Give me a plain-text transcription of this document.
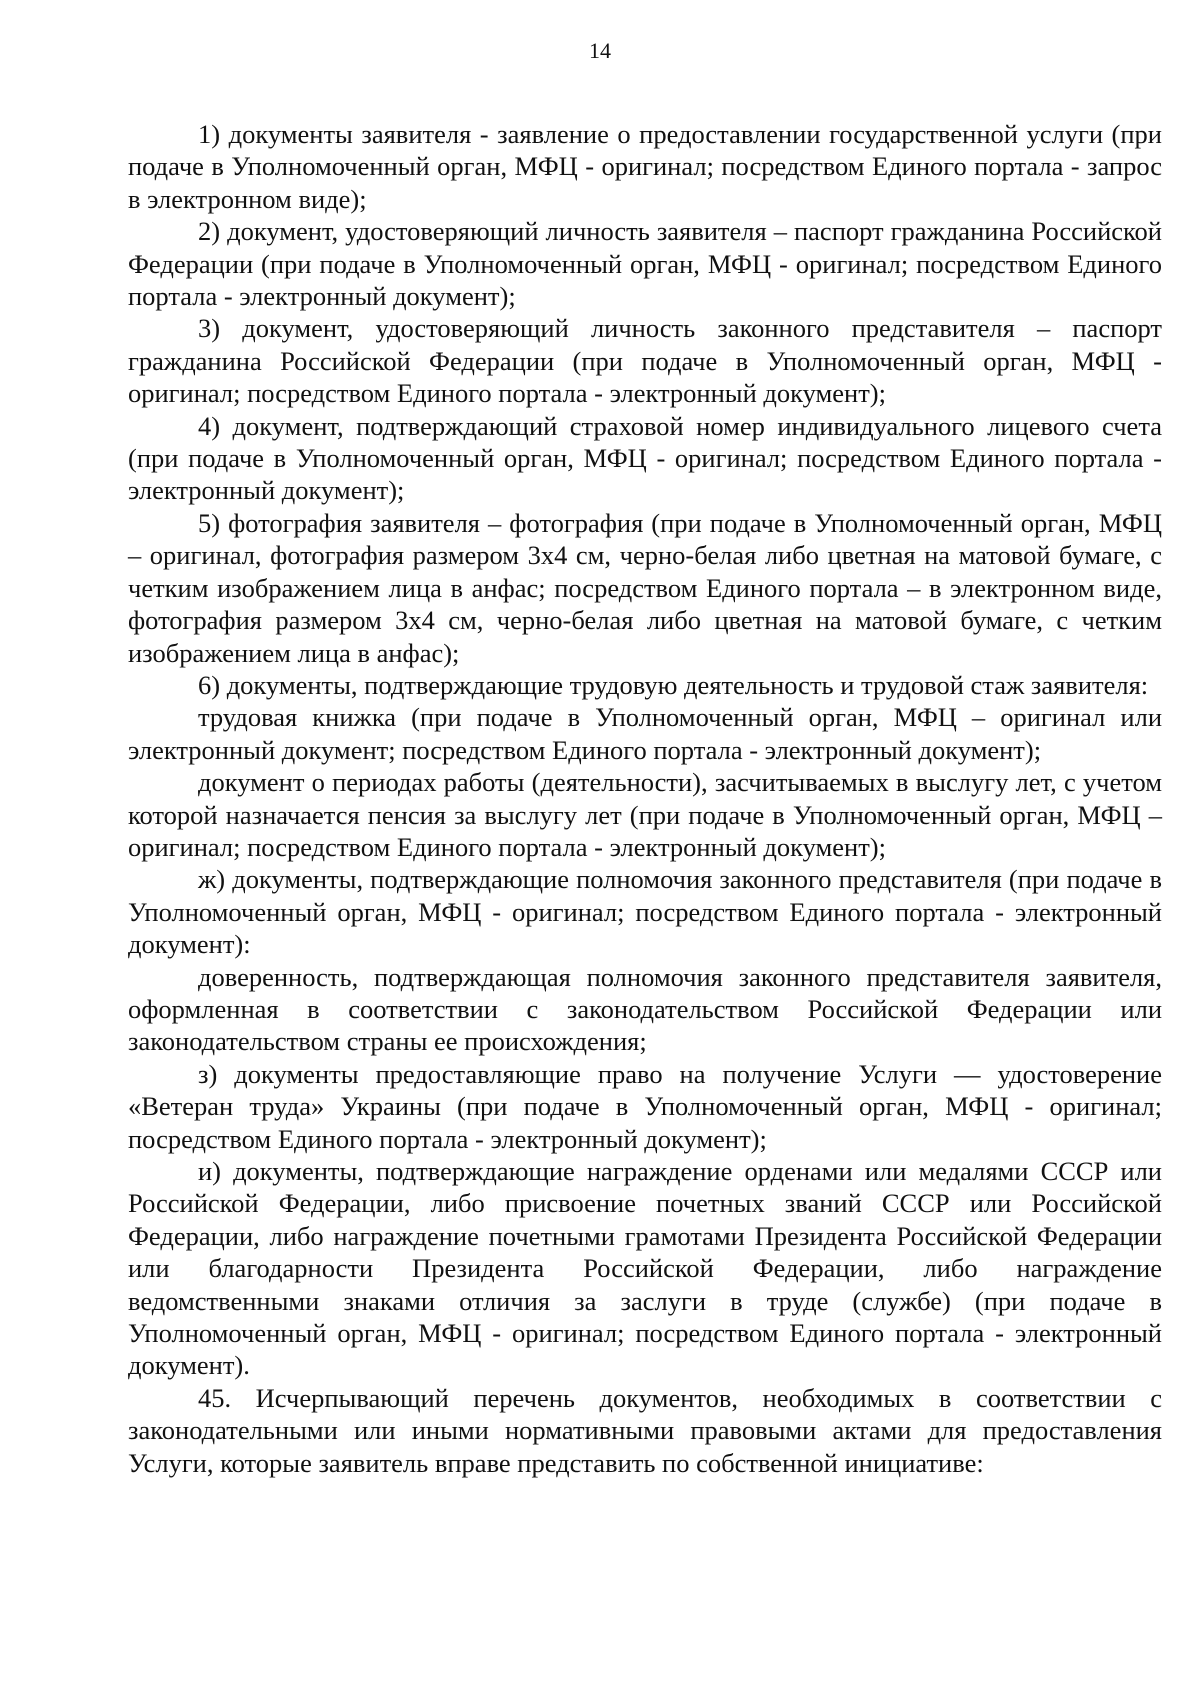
14

1) документы заявителя - заявление о предоставлении государственной услуги (при подаче в Уполномоченный орган, МФЦ - оригинал; посредством Единого портала - запрос в электронном виде);

2) документ, удостоверяющий личность заявителя – паспорт гражданина Российской Федерации (при подаче в Уполномоченный орган, МФЦ - оригинал; посредством Единого портала - электронный документ);

3) документ, удостоверяющий личность законного представителя – паспорт гражданина Российской Федерации (при подаче в Уполномоченный орган, МФЦ - оригинал; посредством Единого портала - электронный документ);

4) документ, подтверждающий страховой номер индивидуального лицевого счета (при подаче в Уполномоченный орган, МФЦ - оригинал; посредством Единого портала - электронный документ);

5) фотография заявителя – фотография (при подаче в Уполномоченный орган, МФЦ – оригинал, фотография размером 3х4 см, черно-белая либо цветная на матовой бумаге, с четким изображением лица в анфас; посредством Единого портала – в электронном виде, фотография размером 3х4 см, черно-белая либо цветная на матовой бумаге, с четким изображением лица в анфас);

6) документы, подтверждающие трудовую деятельность и трудовой стаж заявителя:

трудовая книжка (при подаче в Уполномоченный орган, МФЦ – оригинал или электронный документ; посредством Единого портала - электронный документ);

документ о периодах работы (деятельности), засчитываемых в выслугу лет, с учетом которой назначается пенсия за выслугу лет (при подаче в Уполномоченный орган, МФЦ – оригинал; посредством Единого портала - электронный документ);

ж) документы, подтверждающие полномочия законного представителя (при подаче в Уполномоченный орган, МФЦ - оригинал; посредством Единого портала - электронный документ):

доверенность, подтверждающая полномочия законного представителя заявителя, оформленная в соответствии с законодательством Российской Федерации или законодательством страны ее происхождения;

з) документы предоставляющие право на получение Услуги — удостоверение «Ветеран труда» Украины (при подаче в Уполномоченный орган, МФЦ - оригинал; посредством Единого портала - электронный документ);

и) документы, подтверждающие награждение орденами или медалями СССР или Российской Федерации, либо присвоение почетных званий СССР или Российской Федерации, либо награждение почетными грамотами Президента Российской Федерации или благодарности Президента Российской Федерации, либо награждение ведомственными знаками отличия за заслуги в труде (службе) (при подаче в Уполномоченный орган, МФЦ - оригинал; посредством Единого портала - электронный документ).

45. Исчерпывающий перечень документов, необходимых в соответствии с законодательными или иными нормативными правовыми актами для предоставления Услуги, которые заявитель вправе представить по собственной инициативе:
